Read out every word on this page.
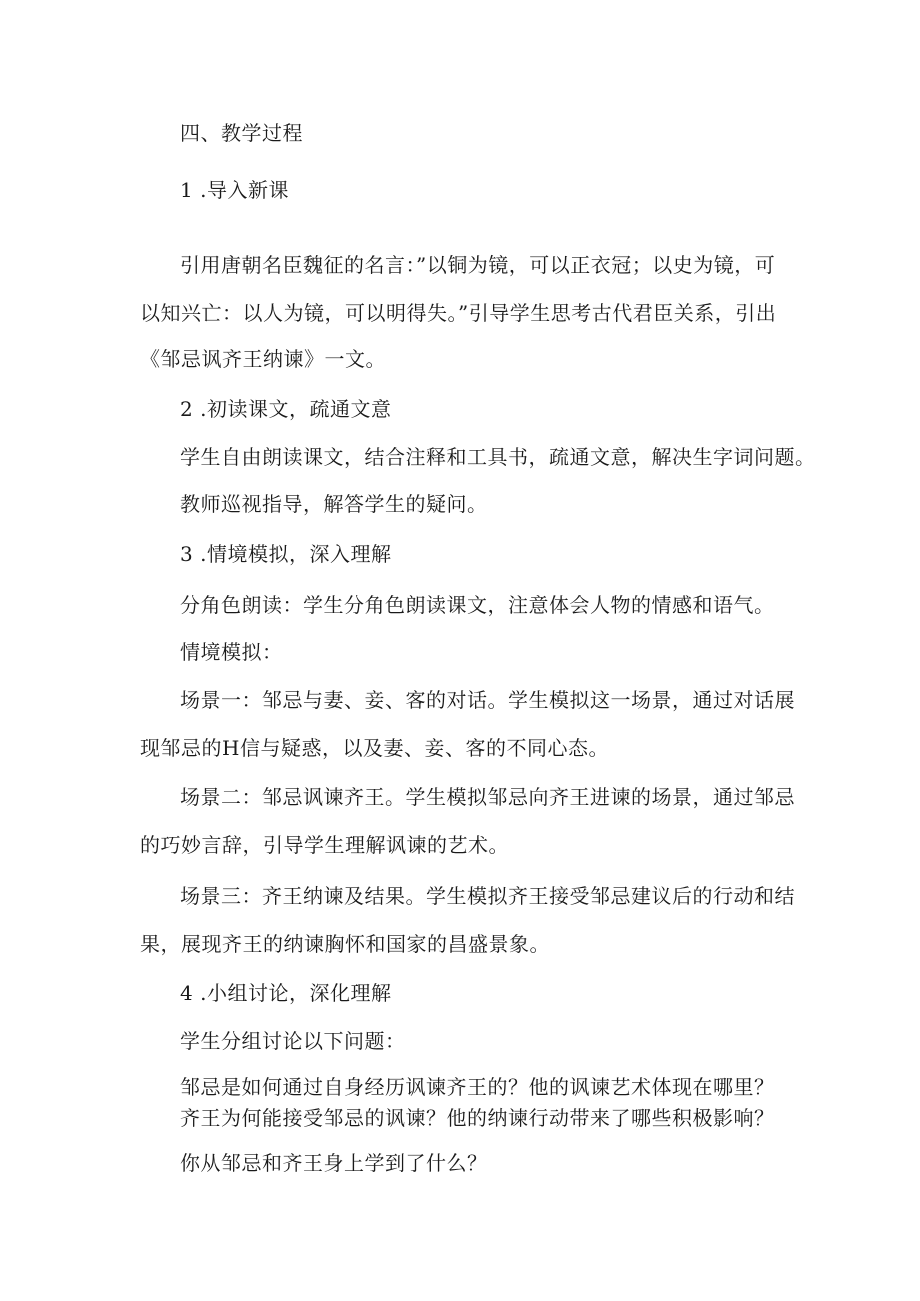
四、教学过程
1 .导入新课
引用唐朝名臣魏征的名言：”以铜为镜，可以正衣冠；以史为镜，可
以知兴亡：以人为镜，可以明得失。”引导学生思考古代君臣关系，引出
《邹忌讽齐王纳谏》一文。
2 .初读课文，疏通文意
学生自由朗读课文，结合注释和工具书，疏通文意，解决生字词问题。
教师巡视指导，解答学生的疑问。
3 .情境模拟，深入理解
分角色朗读：学生分角色朗读课文，注意体会人物的情感和语气。
情境模拟：
场景一：邹忌与妻、妾、客的对话。学生模拟这一场景，通过对话展
现邹忌的H信与疑惑，以及妻、妾、客的不同心态。
场景二：邹忌讽谏齐王。学生模拟邹忌向齐王进谏的场景，通过邹忌
的巧妙言辞，引导学生理解讽谏的艺术。
场景三：齐王纳谏及结果。学生模拟齐王接受邹忌建议后的行动和结
果，展现齐王的纳谏胸怀和国家的昌盛景象。
4 .小组讨论，深化理解
学生分组讨论以下问题：
邹忌是如何通过自身经历讽谏齐王的？他的讽谏艺术体现在哪里？
齐王为何能接受邹忌的讽谏？他的纳谏行动带来了哪些积极影响？
你从邹忌和齐王身上学到了什么？
